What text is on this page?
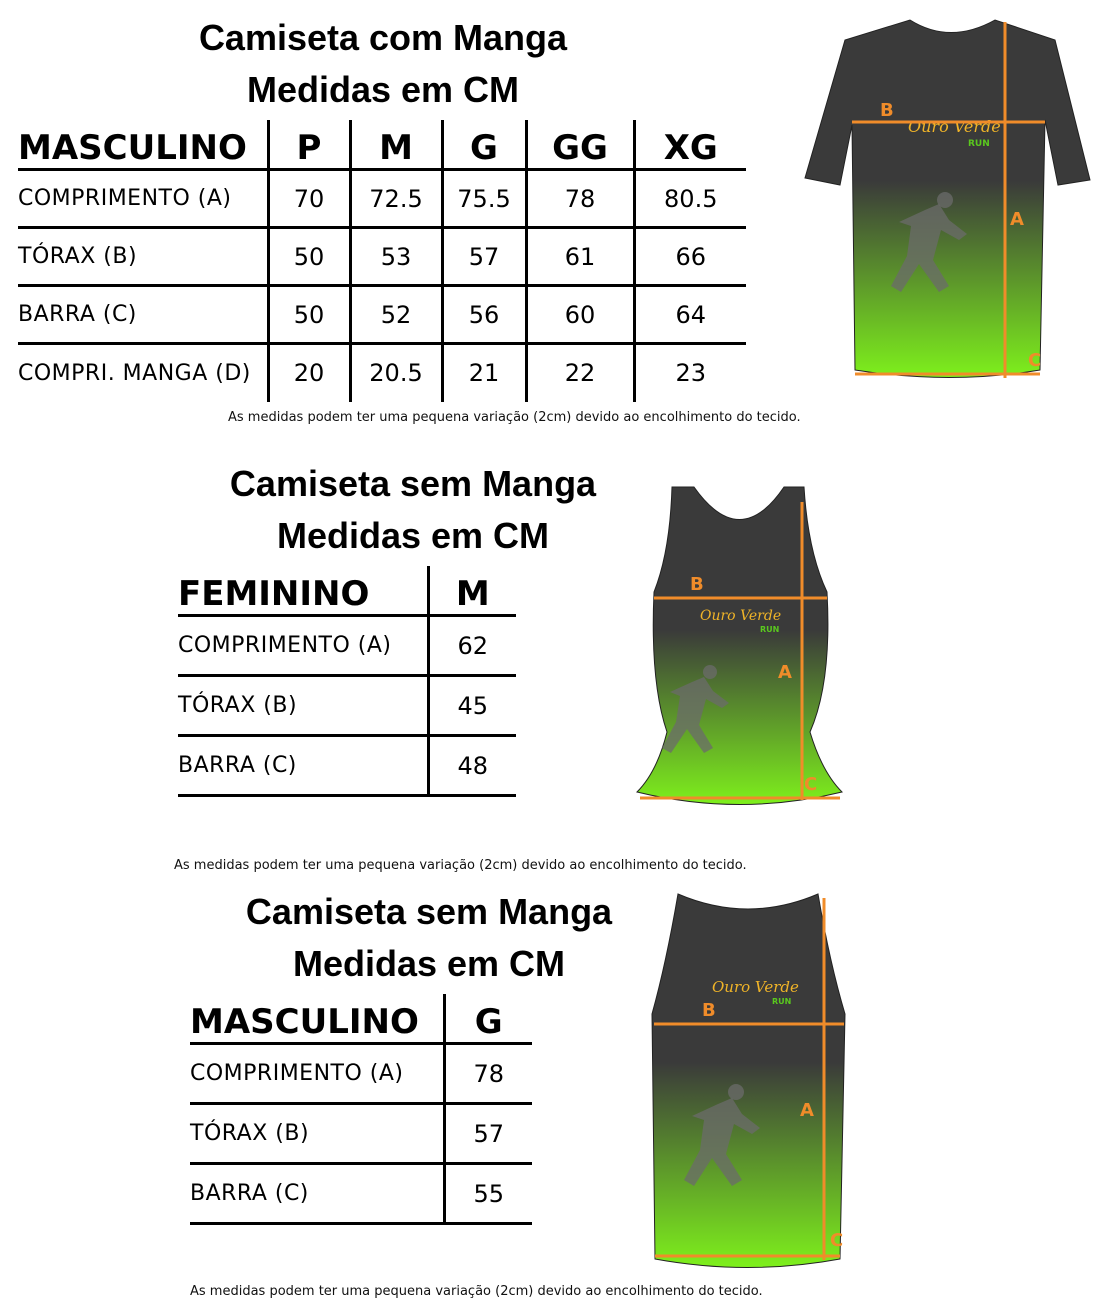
Camiseta com Manga
Medidas em CM
MASCULINO	P	M	G	GG	XG
COMPRIMENTO (A)	70	72.5	75.5	78	80.5
TÓRAX (B)	50	53	57	61	66
BARRA (C)	50	52	56	60	64
COMPRI. MANGA (D)	20	20.5	21	22	23
As medidas podem ter uma pequena variação (2cm) devido ao encolhimento do tecido.
Ouro Verde
RUN
A
B
C
Camiseta sem Manga
Medidas em CM
FEMININO	M
COMPRIMENTO (A)	62
TÓRAX (B)	45
BARRA (C)	48
As medidas podem ter uma pequena variação (2cm) devido ao encolhimento do tecido.
Ouro Verde
RUN
A
B
C
Camiseta sem Manga
Medidas em CM
MASCULINO	G
COMPRIMENTO (A)	78
TÓRAX (B)	57
BARRA (C)	55
As medidas podem ter uma pequena variação (2cm) devido ao encolhimento do tecido.
Ouro Verde
RUN
A
B
C
